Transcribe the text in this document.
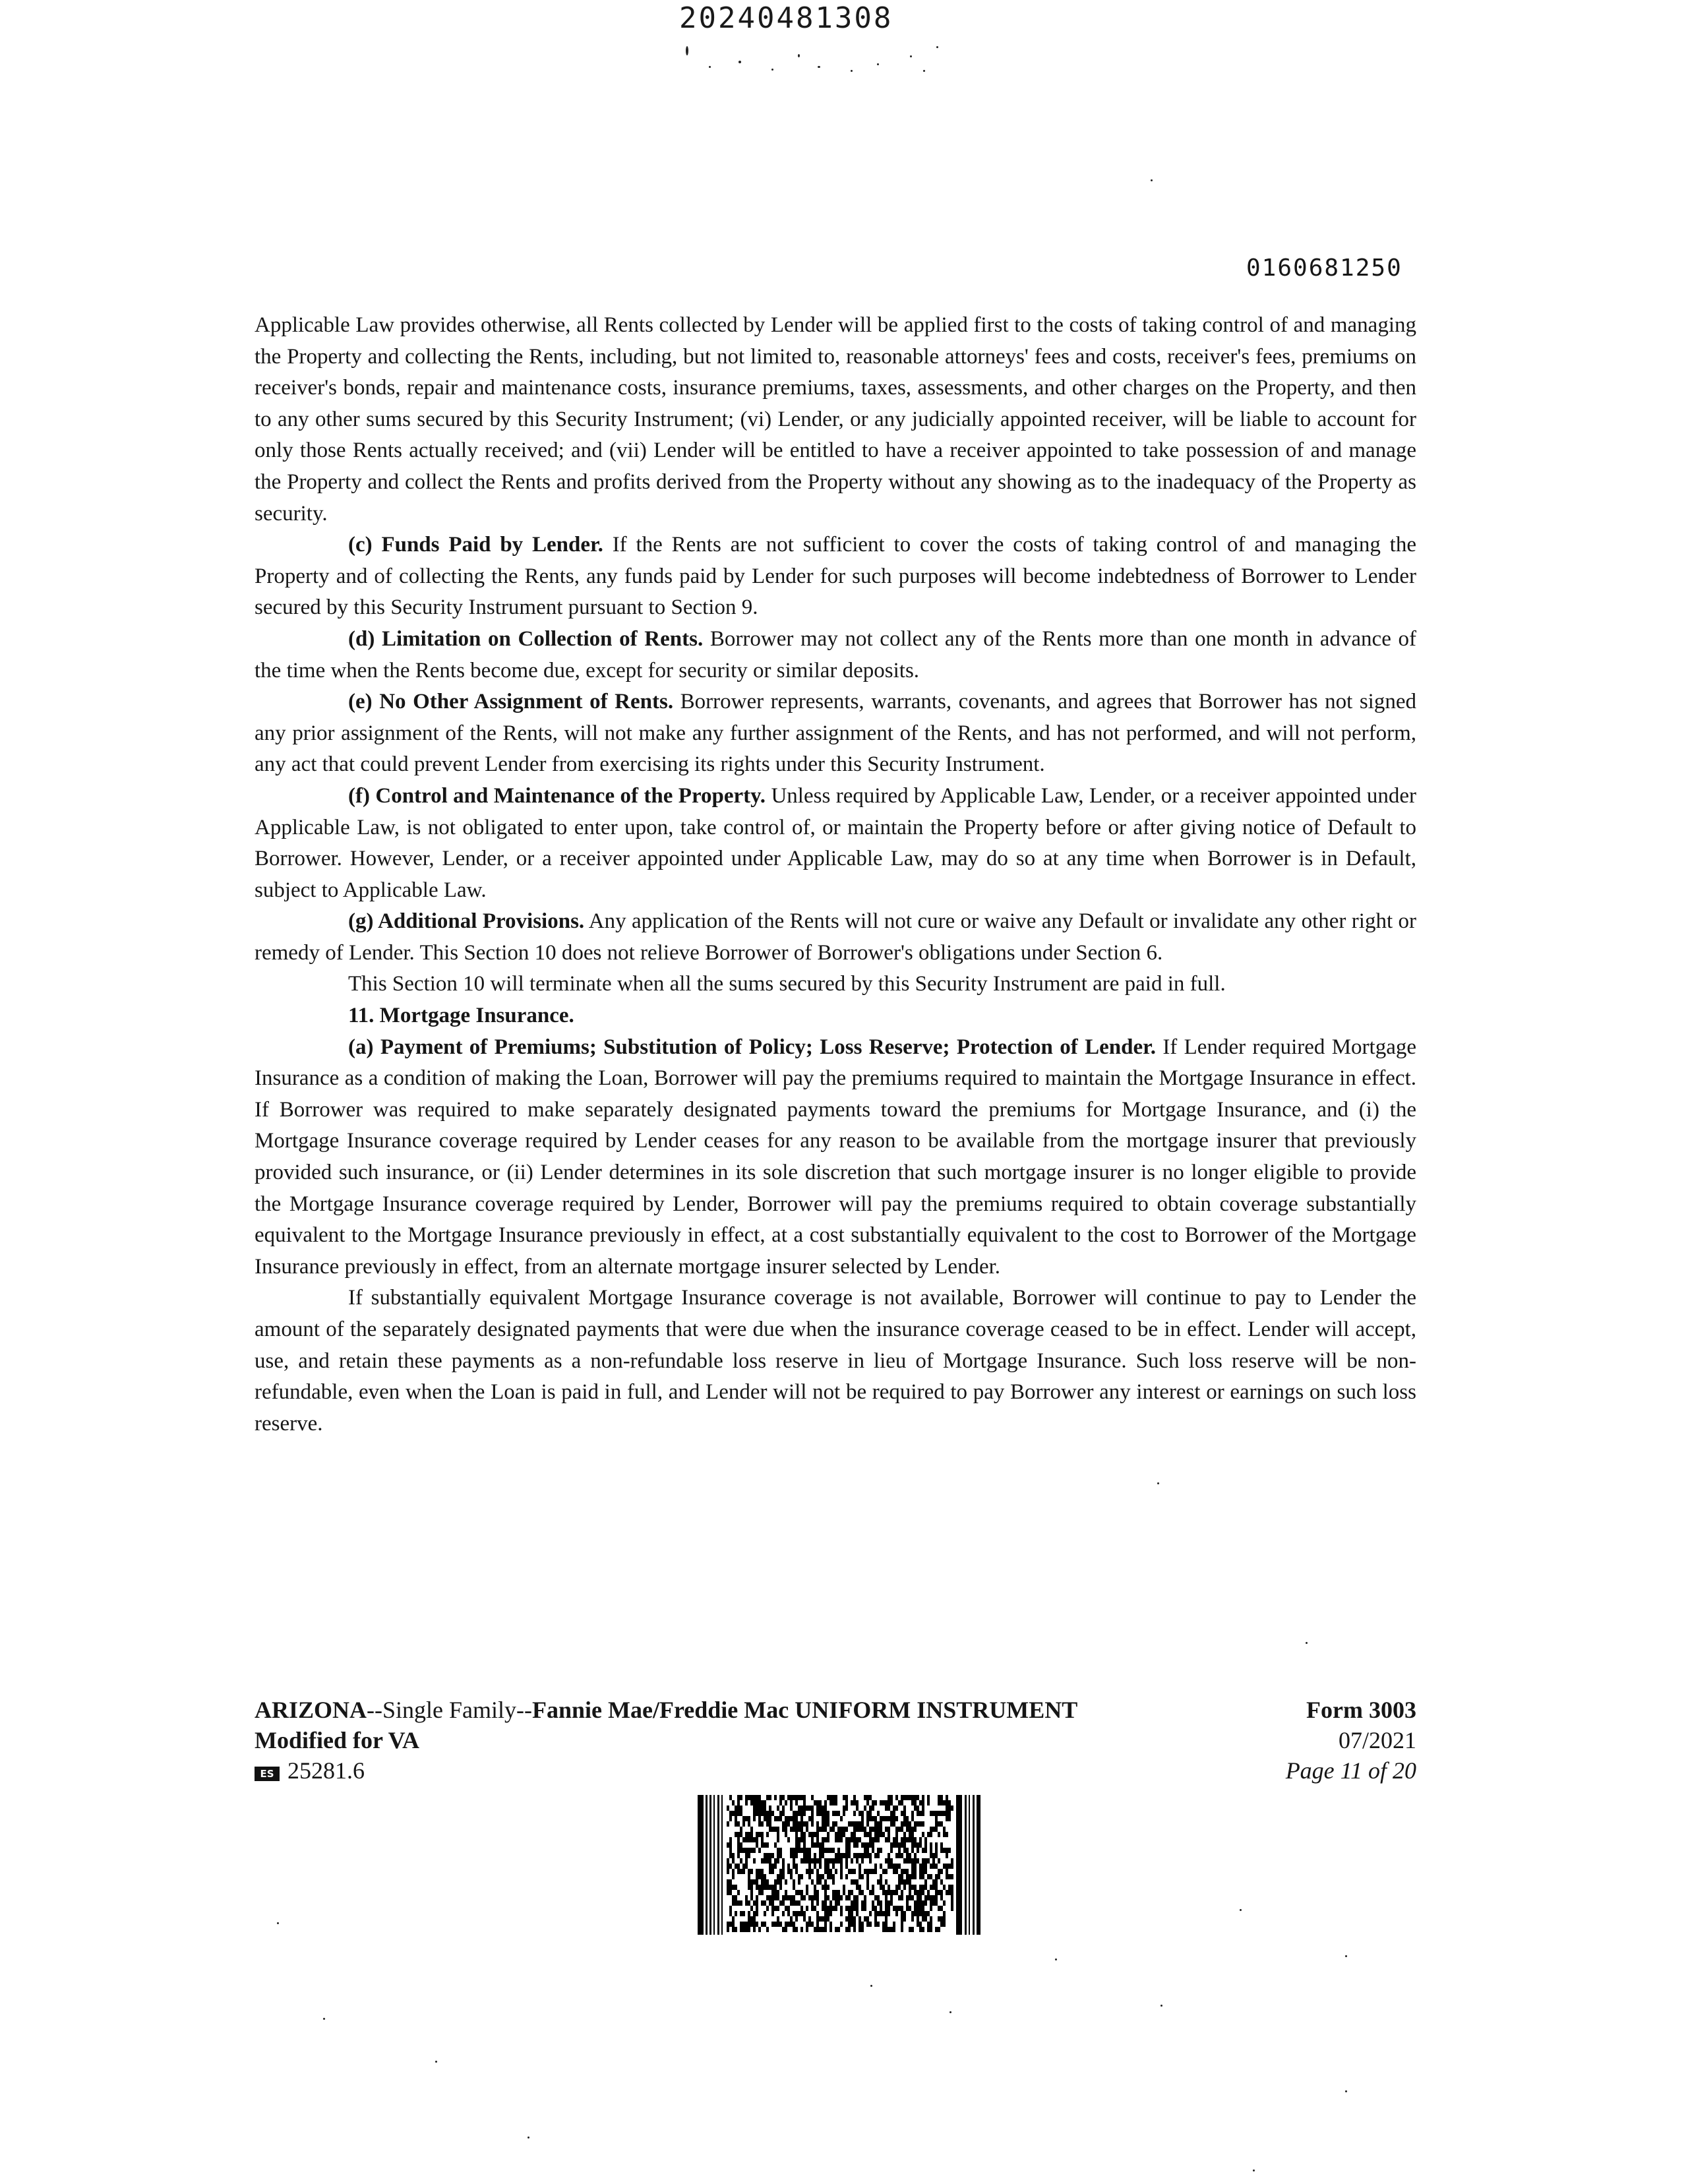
20240481308
0160681250

Applicable Law provides otherwise, all Rents collected by Lender will be applied first to the costs of taking control of and managing the Property and collecting the Rents, including, but not limited to, reasonable attorneys' fees and costs, receiver's fees, premiums on receiver's bonds, repair and maintenance costs, insurance premiums, taxes, assessments, and other charges on the Property, and then to any other sums secured by this Security Instrument; (vi) Lender, or any judicially appointed receiver, will be liable to account for only those Rents actually received; and (vii) Lender will be entitled to have a receiver appointed to take possession of and manage the Property and collect the Rents and profits derived from the Property without any showing as to the inadequacy of the Property as security.

(c) Funds Paid by Lender. If the Rents are not sufficient to cover the costs of taking control of and managing the Property and of collecting the Rents, any funds paid by Lender for such purposes will become indebtedness of Borrower to Lender secured by this Security Instrument pursuant to Section 9.

(d) Limitation on Collection of Rents. Borrower may not collect any of the Rents more than one month in advance of the time when the Rents become due, except for security or similar deposits.

(e) No Other Assignment of Rents. Borrower represents, warrants, covenants, and agrees that Borrower has not signed any prior assignment of the Rents, will not make any further assignment of the Rents, and has not performed, and will not perform, any act that could prevent Lender from exercising its rights under this Security Instrument.

(f) Control and Maintenance of the Property. Unless required by Applicable Law, Lender, or a receiver appointed under Applicable Law, is not obligated to enter upon, take control of, or maintain the Property before or after giving notice of Default to Borrower. However, Lender, or a receiver appointed under Applicable Law, may do so at any time when Borrower is in Default, subject to Applicable Law.

(g) Additional Provisions. Any application of the Rents will not cure or waive any Default or invalidate any other right or remedy of Lender. This Section 10 does not relieve Borrower of Borrower's obligations under Section 6.

This Section 10 will terminate when all the sums secured by this Security Instrument are paid in full.

11. Mortgage Insurance.

(a) Payment of Premiums; Substitution of Policy; Loss Reserve; Protection of Lender. If Lender required Mortgage Insurance as a condition of making the Loan, Borrower will pay the premiums required to maintain the Mortgage Insurance in effect. If Borrower was required to make separately designated payments toward the premiums for Mortgage Insurance, and (i) the Mortgage Insurance coverage required by Lender ceases for any reason to be available from the mortgage insurer that previously provided such insurance, or (ii) Lender determines in its sole discretion that such mortgage insurer is no longer eligible to provide the Mortgage Insurance coverage required by Lender, Borrower will pay the premiums required to obtain coverage substantially equivalent to the Mortgage Insurance previously in effect, at a cost substantially equivalent to the cost to Borrower of the Mortgage Insurance previously in effect, from an alternate mortgage insurer selected by Lender.

If substantially equivalent Mortgage Insurance coverage is not available, Borrower will continue to pay to Lender the amount of the separately designated payments that were due when the insurance coverage ceased to be in effect. Lender will accept, use, and retain these payments as a non-refundable loss reserve in lieu of Mortgage Insurance. Such loss reserve will be non-refundable, even when the Loan is paid in full, and Lender will not be required to pay Borrower any interest or earnings on such loss reserve.

ARIZONA--Single Family--Fannie Mae/Freddie Mac UNIFORM INSTRUMENT
Modified for VA
ES 25281.6
Form 3003
07/2021
Page 11 of 20
